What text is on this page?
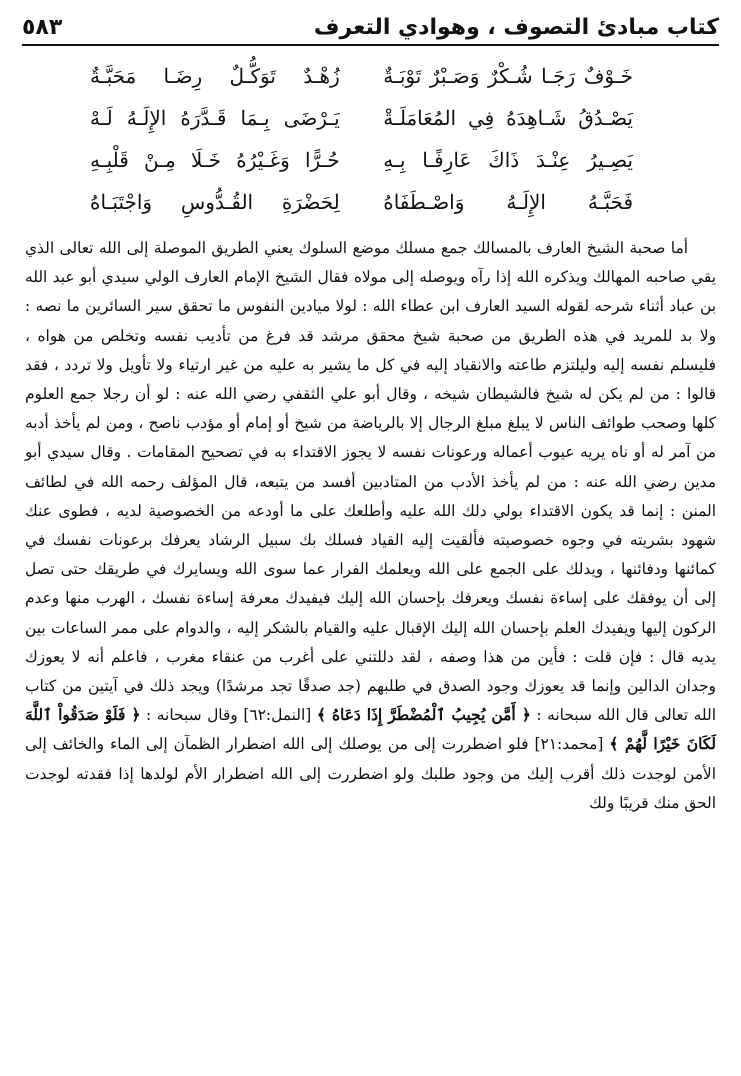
كتاب مبادئ التصوف ، وهوادي التعرف
٥٨٣
خَـوْفٌ رَجَـا شُـكْرٌ وَصَـبْرٌ تَوْبَـةٌ
زُهْـدٌ تَوَكُّـلٌ رِضَـا مَحَبَّـةٌ
يَصْـدُقُ شَـاهِدَهُ فِي المُعَامَلَـةْ
يَـرْضَى بِـمَا قَـدَّرَهُ الإِلَـهُ لَـهْ
يَصِـيرُ عِنْـدَ ذَاكَ عَارِفًـا بِـهِ
حُـرًّا وَغَـيْرُهُ خَـلَا مِـنْ قَلْبِـهِ
فَحَبَّـهُ الإِلَـهُ وَاصْـطَفَاهُ
لِحَضْرَةِ القُـدُّوسِ وَاجْتَبَـاهُ

أما صحبة الشيخ العارف بالمسالك جمع مسلك موضع السلوك يعني الطريق الموصلة إلى الله تعالى الذي يقي صاحبه المهالك ويذكره الله إذا رآه ويوصله إلى مولاه فقال الشيخ الإمام العارف الولي سيدي أبو عبد الله بن عباد أثناء شرحه لقوله السيد العارف ابن عطاء الله : لولا ميادين النفوس ما تحقق سير السائرين ما نصه : ولا بد للمريد في هذه الطريق من صحبة شيخ محقق مرشد قد فرغ من تأديب نفسه وتخلص من هواه ، فليسلم نفسه إليه وليلتزم طاعته والانقياد إليه في كل ما يشير به عليه من غير ارتياء ولا تأويل ولا تردد ، فقد قالوا : من لم يكن له شيخ فالشيطان شيخه ، وقال أبو علي الثقفي رضي الله عنه : لو أن رجلا جمع العلوم كلها وصحب طوائف الناس لا يبلغ مبلغ الرجال إلا بالرياضة من شيخ أو إمام أو مؤدب ناصح ، ومن لم يأخذ أدبه من آمر له أو ناه يريه عيوب أعماله ورعونات نفسه لا يجوز الاقتداء به في تصحيح المقامات . وقال سيدي أبو مدين رضي الله عنه : من لم يأخذ الأدب من المتادبين أفسد من يتبعه، قال المؤلف رحمه الله في لطائف المنن : إنما قد يكون الاقتداء بولي دلك الله عليه وأطلعك على ما أودعه من الخصوصية لديه ، فطوى عنك شهود بشريته في وجوه خصوصيته فألقيت إليه القياد فسلك بك سبيل الرشاد يعرفك برعونات نفسك في كمائنها ودفائنها ، ويدلك على الجمع على الله ويعلمك الفرار عما سوى الله ويسايرك في طريقك حتى تصل إلى أن يوفقك على إساءة نفسك ويعرفك بإحسان الله إليك فيفيدك معرفة إساءة نفسك ، الهرب منها وعدم الركون إليها ويفيدك العلم بإحسان الله إليك الإقبال عليه والقيام بالشكر إليه ، والدوام على ممر الساعات بين يديه قال : فإن قلت : فأين من هذا وصفه ، لقد دللتني على أغرب من عنقاء مغرب ، فاعلم أنه لا يعوزك وجدان الدالين وإنما قد يعوزك وجود الصدق في طلبهم (جد صدقًا تجد مرشدًا) ويجد ذلك في آيتين من كتاب الله تعالى قال الله سبحانه : ﴿ أَمَّن يُجِيبُ ٱلْمُضْطَرَّ إِذَا دَعَاهُ ﴾ [النمل:٦٢] وقال سبحانه : ﴿ فَلَوْ صَدَقُواْ ٱللَّهَ لَكَانَ خَيْرًا لَّهُمْ ﴾ [محمد:٢١] فلو اضطررت إلى من يوصلك إلى الله اضطرار الظمآن إلى الماء والخائف إلى الأمن لوجدت ذلك أقرب إليك من وجود طلبك ولو اضطررت إلى الله اضطرار الأم لولدها إذا فقدته لوجدت الحق منك قريبًا ولك
